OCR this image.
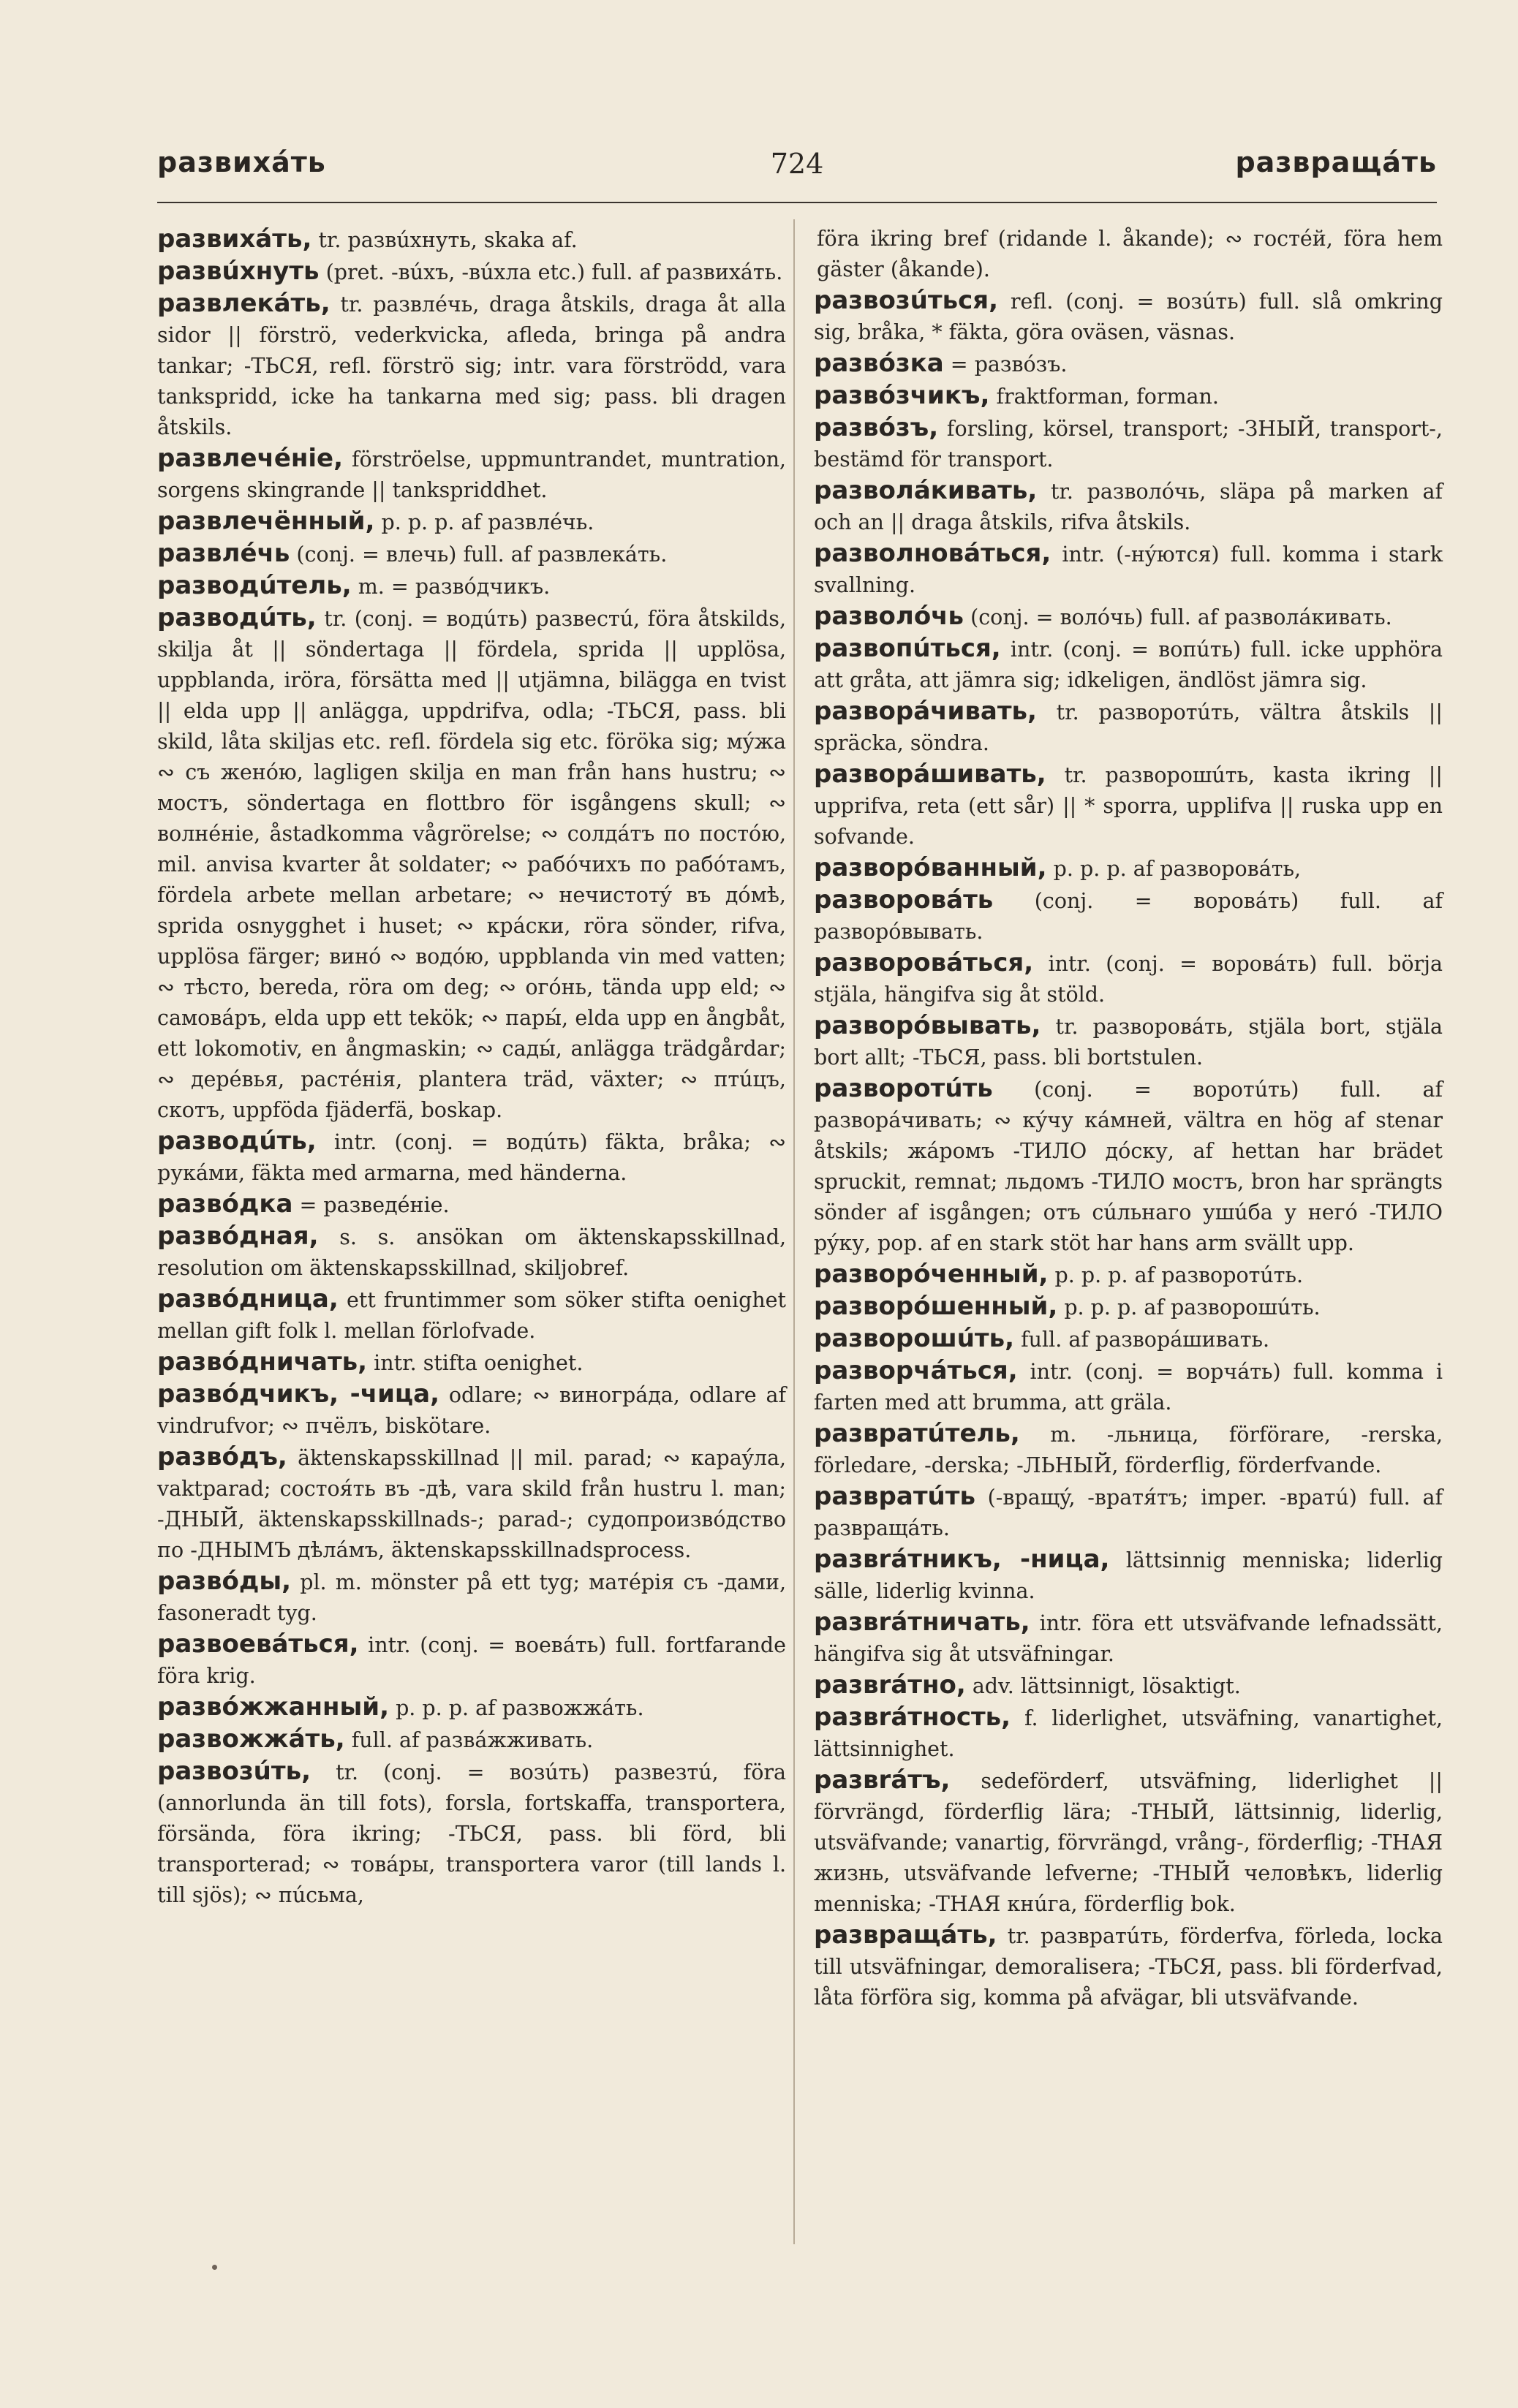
развихáть	724	развращáть

развихáть, tr. развúхнуть, skaka af.

развúхнуть (pret. -вúхъ, -вúхла etc.) full. af развихáть.

развлекáть, tr. развлéчь, draga åtskils, draga åt alla sidor || förströ, vederkvicka, afleda, bringa på andra tankar; -ТЬСЯ, refl. förströ sig; intr. vara förströdd, vara tankspridd, icke ha tankarna med sig; pass. bli dragen åtskils.

развлечéніе, förströelse, uppmuntrandet, muntration, sorgens skingrande || tankspriddhet.

развлечённый, p. p. p. af развлéчь.

развлéчь (conj. = влечь) full. af развлекáть.

разводúтель, m. = развóдчикъ.

разводúть, tr. (conj. = водúть) развестú, föra åtskilds, skilja åt || söndertaga || fördela, sprida || upplösa, uppblanda, iröra, försätta med || utjämna, bilägga en tvist || elda upp || anlägga, uppdrifva, odla; -ТЬСЯ, pass. bli skild, låta skiljas etc. refl. fördela sig etc. föröka sig; мýжа ∾ съ женóю, lagligen skilja en man från hans hustru; ∾ мостъ, söndertaga en flottbro för isgångens skull; ∾ волнéніе, åstadkomma vågrörelse; ∾ солдáтъ по постóю, mil. anvisa kvarter åt soldater; ∾ рабóчихъ по рабóтамъ, fördela arbete mellan arbetare; ∾ нечистотý въ дóмѣ, sprida osnygghet i huset; ∾ крáски, röra sönder, rifva, upplösa färger; винó ∾ водóю, uppblanda vin med vatten; ∾ тѣсто, bereda, röra om deg; ∾ огóнь, tända upp eld; ∾ самовáръ, elda upp ett tekök; ∾ пары́, elda upp en ångbåt, ett lokomotiv, en ångmaskin; ∾ сады́, anlägga trädgårdar; ∾ дерéвья, растéнія, plantera träd, växter; ∾ птúцъ, скотъ, uppföda fjäderfä, boskap.

разводúть, intr. (conj. = водúть) fäkta, bråka; ∾ рукáми, fäkta med armarna, med händerna.

развóдка = разведéніе.

развóдная, s. s. ansökan om äktenskapsskillnad, resolution om äktenskapsskillnad, skiljobref.

развóдница, ett fruntimmer som söker stifta oenighet mellan gift folk l. mellan förlofvade.

развóдничать, intr. stifta oenighet.

развóдчикъ, -чица, odlare; ∾ виногрáда, odlare af vindrufvor; ∾ пчёлъ, biskötare.

развóдъ, äktenskapsskillnad || mil. parad; ∾ караýла, vaktparad; состоя́ть въ -дѣ, vara skild från hustru l. man; -ДНЫЙ, äktenskapsskillnads-; parad-; судопроизвóдство по -ДНЫМЪ дѣлáмъ, äktenskapsskillnadsprocess.

развóды, pl. m. mönster på ett tyg; матéрія съ -дами, fasoneradt tyg.

развоевáться, intr. (conj. = воевáть) full. fortfarande föra krig.

развóжжанный, p. p. p. af развожжáть.

развожжáть, full. af развáжживать.

развозúть, tr. (conj. = возúть) развезтú, föra (annorlunda än till fots), forsla, fortskaffa, transportera, försända, föra ikring; -ТЬСЯ, pass. bli förd, bli transporterad; ∾ товáры, transportera varor (till lands l. till sjös); ∾ пúсьма,

föra ikring bref (ridande l. åkande); ∾ гостéй, föra hem gäster (åkande).

развозúться, refl. (conj. = возúть) full. slå omkring sig, bråka, * fäkta, göra oväsen, väsnas.

развóзка = развóзъ.

развóзчикъ, fraktforman, forman.

развóзъ, forsling, körsel, transport; -ЗНЫЙ, transport-, bestämd för transport.

разволáкивать, tr. разволóчь, släpa på marken af och an || draga åtskils, rifva åtskils.

разволновáться, intr. (-нýются) full. komma i stark svallning.

разволóчь (conj. = волóчь) full. af разволáкивать.

развопúться, intr. (conj. = вопúть) full. icke upphöra att gråta, att jämra sig; idkeligen, ändlöst jämra sig.

разворáчивать, tr. разворотúть, vältra åtskils || spräcka, söndra.

разворáшивать, tr. разворошúть, kasta ikring || upprifva, reta (ett sår) || * sporra, upplifva || ruska upp en sofvande.

разворóванный, p. p. p. af разворовáть,

разворовáть (conj. = воровáть) full. af разворóвывать.

разворовáться, intr. (conj. = воровáть) full. börja stjäla, hängifva sig åt stöld.

разворóвывать, tr. разворовáть, stjäla bort, stjäla bort allt; -ТЬСЯ, pass. bli bortstulen.

разворотúть (conj. = воротúть) full. af разворáчивать; ∾ кýчу кáмней, vältra en hög af stenar åtskils; жáромъ -ТИЛО дóску, af hettan har brädet spruckit, remnat; льдомъ -ТИЛО мостъ, bron har sprängts sönder af isgången; отъ сúльнаго ушúба у негó -ТИЛО рýку, pop. af en stark stöt har hans arm svällt upp.

разворóченный, p. p. p. af разворотúть.

разворóшенный, p. p. p. af разворошúть.

разворошúть, full. af разворáшивать.

разворчáться, intr. (conj. = ворчáть) full. komma i farten med att brumma, att gräla.

развратúтель, m. -льница, förförare, -rerska, förledare, -derska; -ЛЬНЫЙ, förderflig, förderfvande.

развратúть (-вращý, -вратя́тъ; imper. -вратú) full. af развращáть.

развráтникъ, -ница, lättsinnig menniska; liderlig sälle, liderlig kvinna.

развráтничать, intr. föra ett utsväfvande lefnadssätt, hängifva sig åt utsväfningar.

развráтно, adv. lättsinnigt, lösaktigt.

развráтность, f. liderlighet, utsväfning, vanartighet, lättsinnighet.

развráтъ, sedeförderf, utsväfning, liderlighet || förvrängd, förderflig lära; -ТНЫЙ, lättsinnig, liderlig, utsväfvande; vanartig, förvrängd, vrång-, förderflig; -ТНАЯ жизнь, utsväfvande lefverne; -ТНЫЙ человѣкъ, liderlig menniska; -ТНАЯ кнúга, förderflig bok.

развращáть, tr. развратúть, förderfva, förleda, locka till utsväfningar, demoralisera; -ТЬСЯ, pass. bli förderfvad, låta förföra sig, komma på afvägar, bli utsväfvande.
